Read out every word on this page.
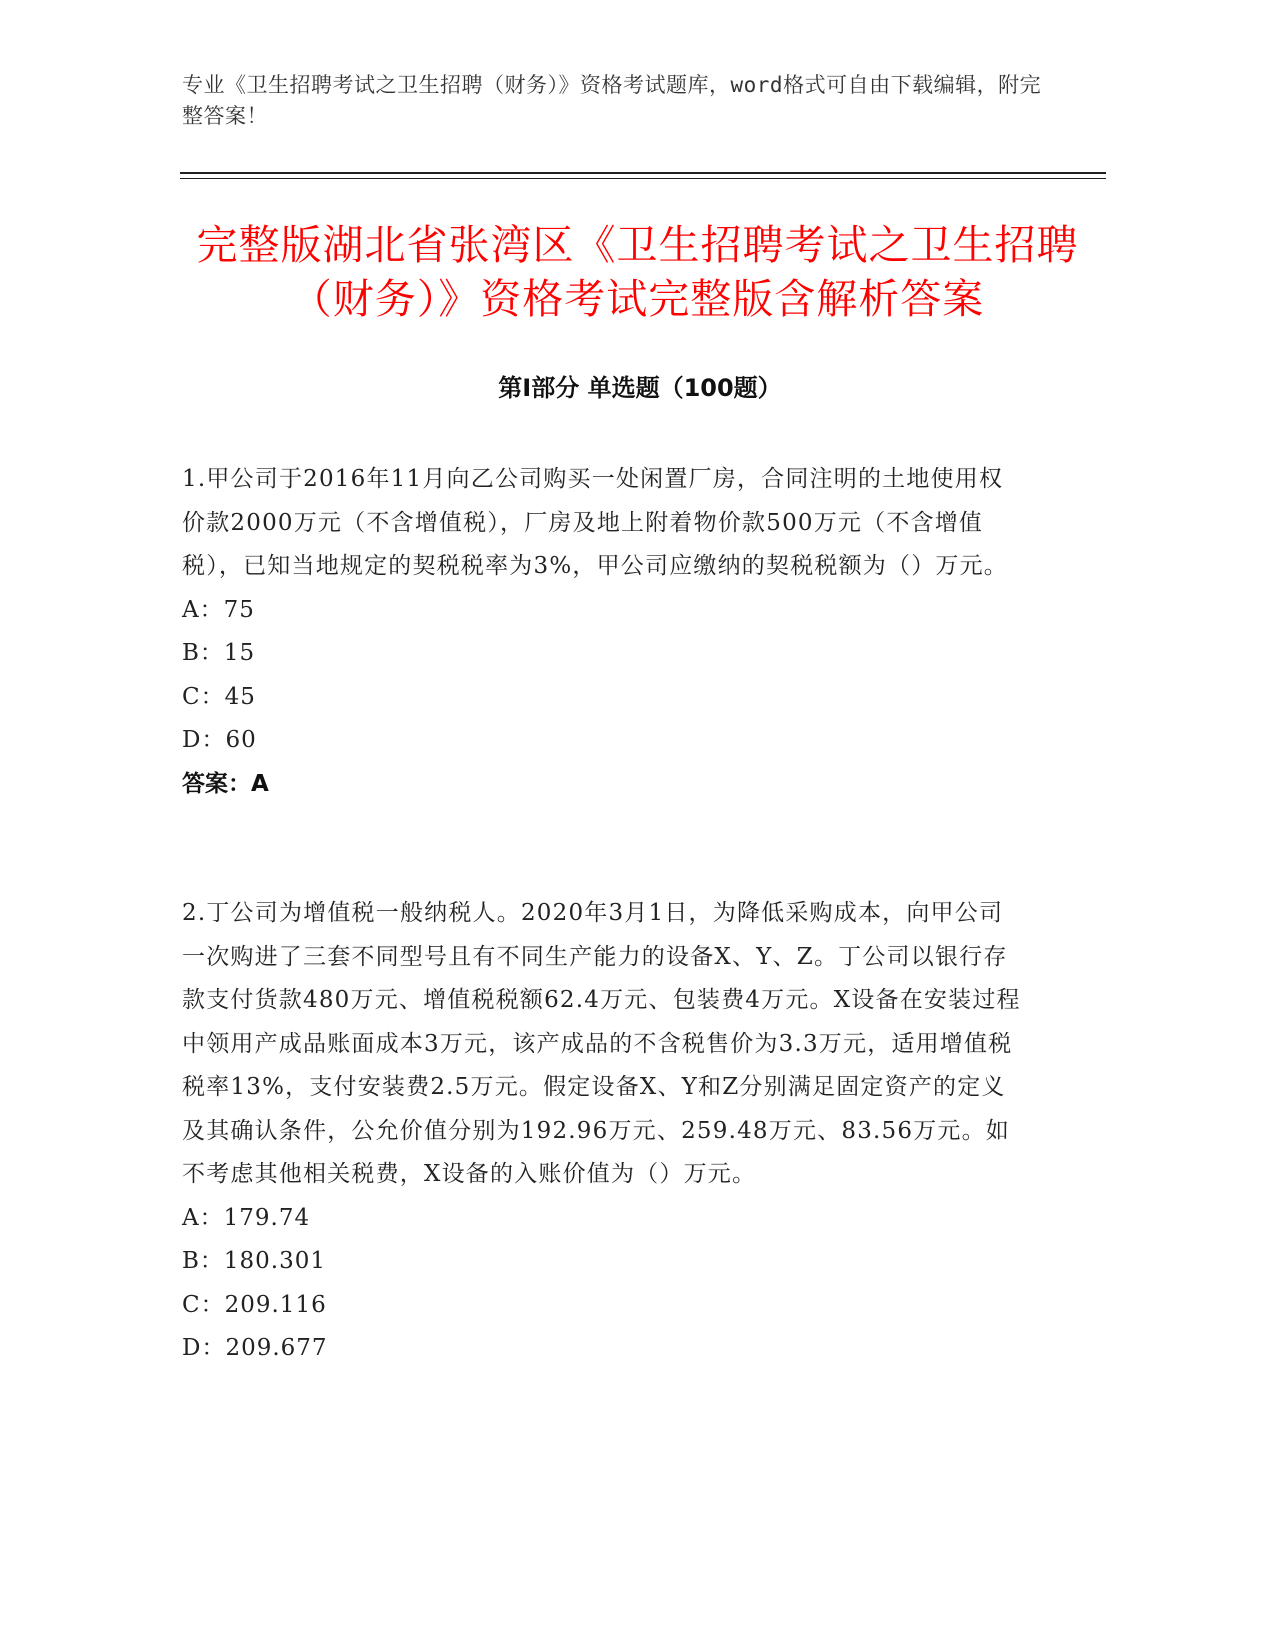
专业《卫生招聘考试之卫生招聘（财务）》资格考试题库，word格式可自由下载编辑，附完整答案！

完整版湖北省张湾区《卫生招聘考试之卫生招聘（财务）》资格考试完整版含解析答案
第I部分 单选题（100题）

1.甲公司于2016年11月向乙公司购买一处闲置厂房，合同注明的土地使用权价款2000万元（不含增值税），厂房及地上附着物价款500万元（不含增值税），已知当地规定的契税税率为3%，甲公司应缴纳的契税税额为（）万元。

A：75
B：15
C：45
D：60

答案：A

2.丁公司为增值税一般纳税人。2020年3月1日，为降低采购成本，向甲公司一次购进了三套不同型号且有不同生产能力的设备X、Y、Z。丁公司以银行存款支付货款480万元、增值税税额62.4万元、包装费4万元。X设备在安装过程中领用产成品账面成本3万元，该产成品的不含税售价为3.3万元，适用增值税税率13%，支付安装费2.5万元。假定设备X、Y和Z分别满足固定资产的定义及其确认条件，公允价值分别为192.96万元、259.48万元、83.56万元。如不考虑其他相关税费，X设备的入账价值为（）万元。

A：179.74
B：180.301
C：209.116
D：209.677
